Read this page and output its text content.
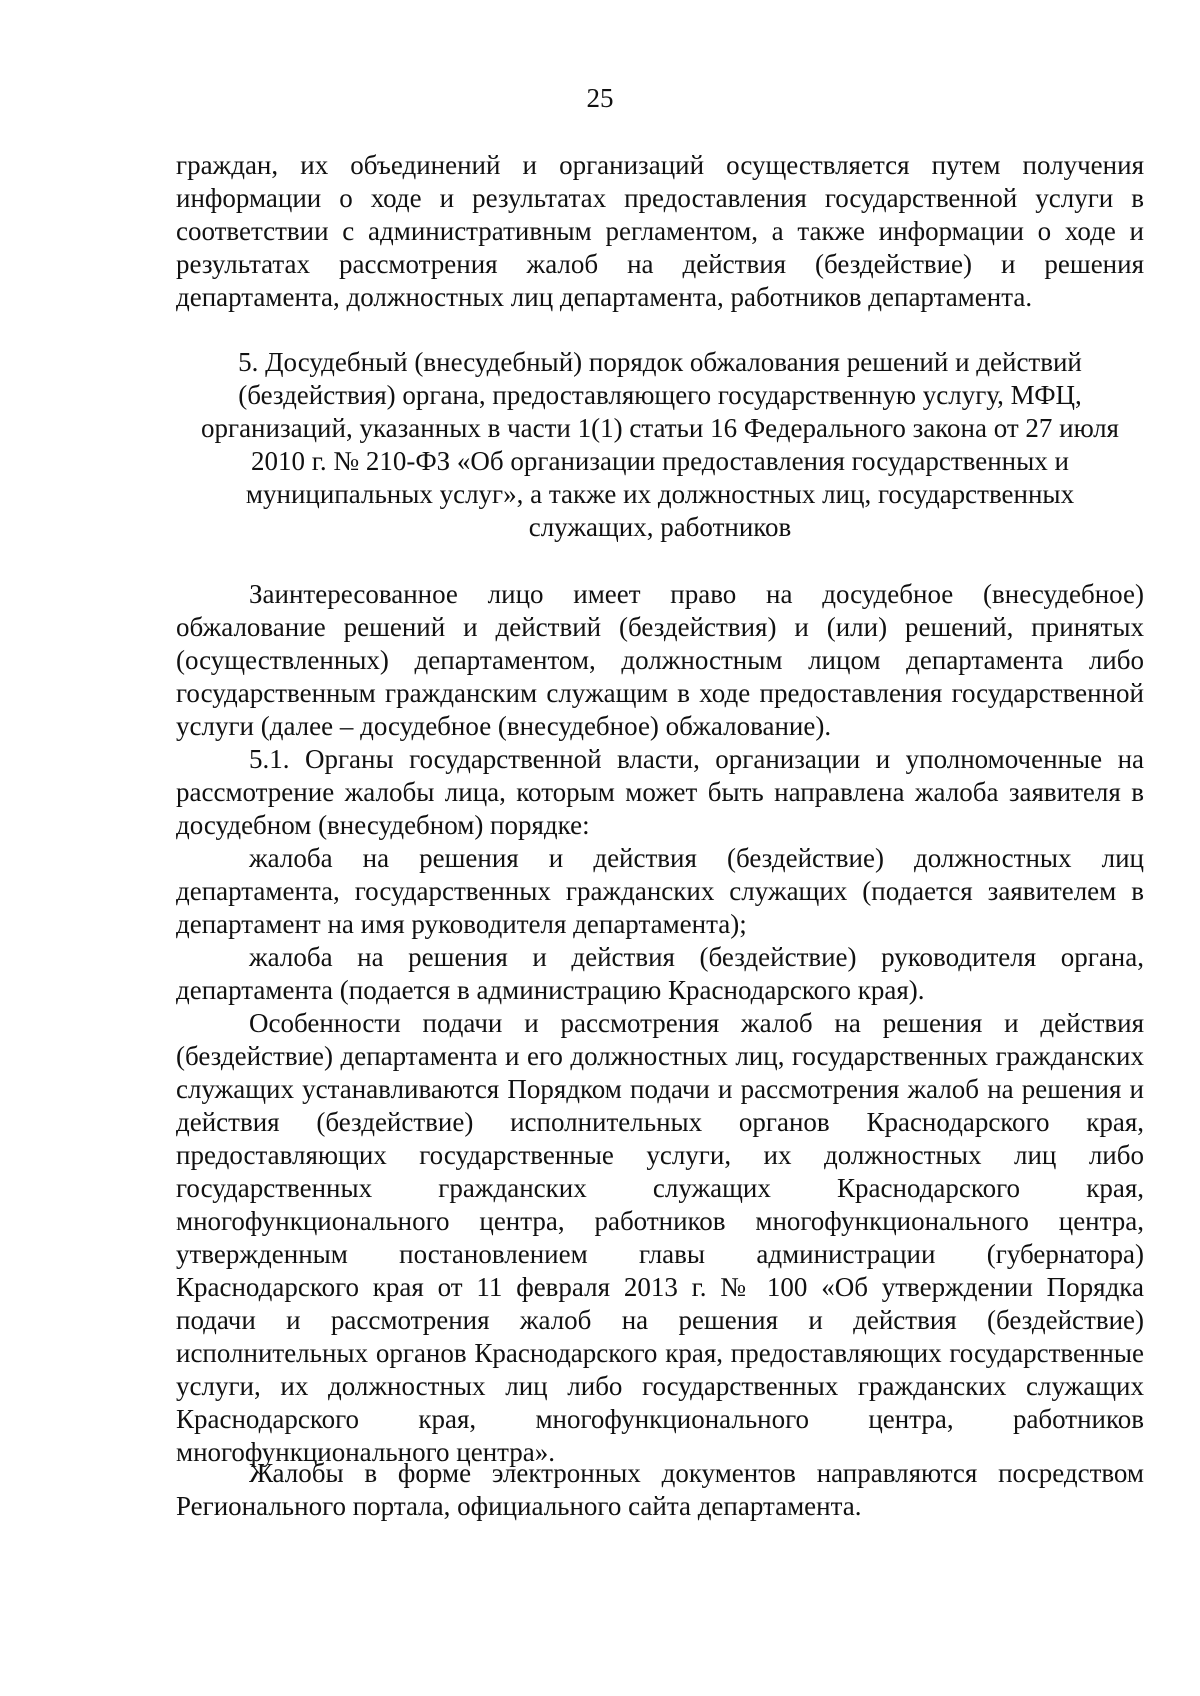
25

граждан, их объединений и организаций осуществляется путем получения информации о ходе и результатах предоставления государственной услуги в соответствии с административным регламентом, а также информации о ходе и результатах рассмотрения жалоб на действия (бездействие) и решения департамента, должностных лиц департамента, работников департамента.

5. Досудебный (внесудебный) порядок обжалования решений и действий (бездействия) органа, предоставляющего государственную услугу, МФЦ, организаций, указанных в части 1(1) статьи 16 Федерального закона от 27 июля 2010 г. № 210-ФЗ «Об организации предоставления государственных и муниципальных услуг», а также их должностных лиц, государственных служащих, работников

Заинтересованное лицо имеет право на досудебное (внесудебное) обжалование решений и действий (бездействия) и (или) решений, принятых (осуществленных) департаментом, должностным лицом департамента либо государственным гражданским служащим в ходе предоставления государственной услуги (далее – досудебное (внесудебное) обжалование).

5.1. Органы государственной власти, организации и уполномоченные на рассмотрение жалобы лица, которым может быть направлена жалоба заявителя в досудебном (внесудебном) порядке:

жалоба на решения и действия (бездействие) должностных лиц департамента, государственных гражданских служащих (подается заявителем в департамент на имя руководителя департамента);

жалоба на решения и действия (бездействие) руководителя органа, департамента (подается в администрацию Краснодарского края).

Особенности подачи и рассмотрения жалоб на решения и действия (бездействие) департамента и его должностных лиц, государственных гражданских служащих устанавливаются Порядком подачи и рассмотрения жалоб на решения и действия (бездействие) исполнительных органов Краснодарского края, предоставляющих государственные услуги, их должностных лиц либо государственных гражданских служащих Краснодарского края, многофункционального центра, работников многофункционального центра, утвержденным постановлением главы администрации (губернатора) Краснодарского края от 11 февраля 2013 г. № 100 «Об утверждении Порядка подачи и рассмотрения жалоб на решения и действия (бездействие) исполнительных органов Краснодарского края, предоставляющих государственные услуги, их должностных лиц либо государственных гражданских служащих Краснодарского края, многофункционального центра, работников многофункционального центра».

Жалобы в форме электронных документов направляются посредством Регионального портала, официального сайта департамента.
